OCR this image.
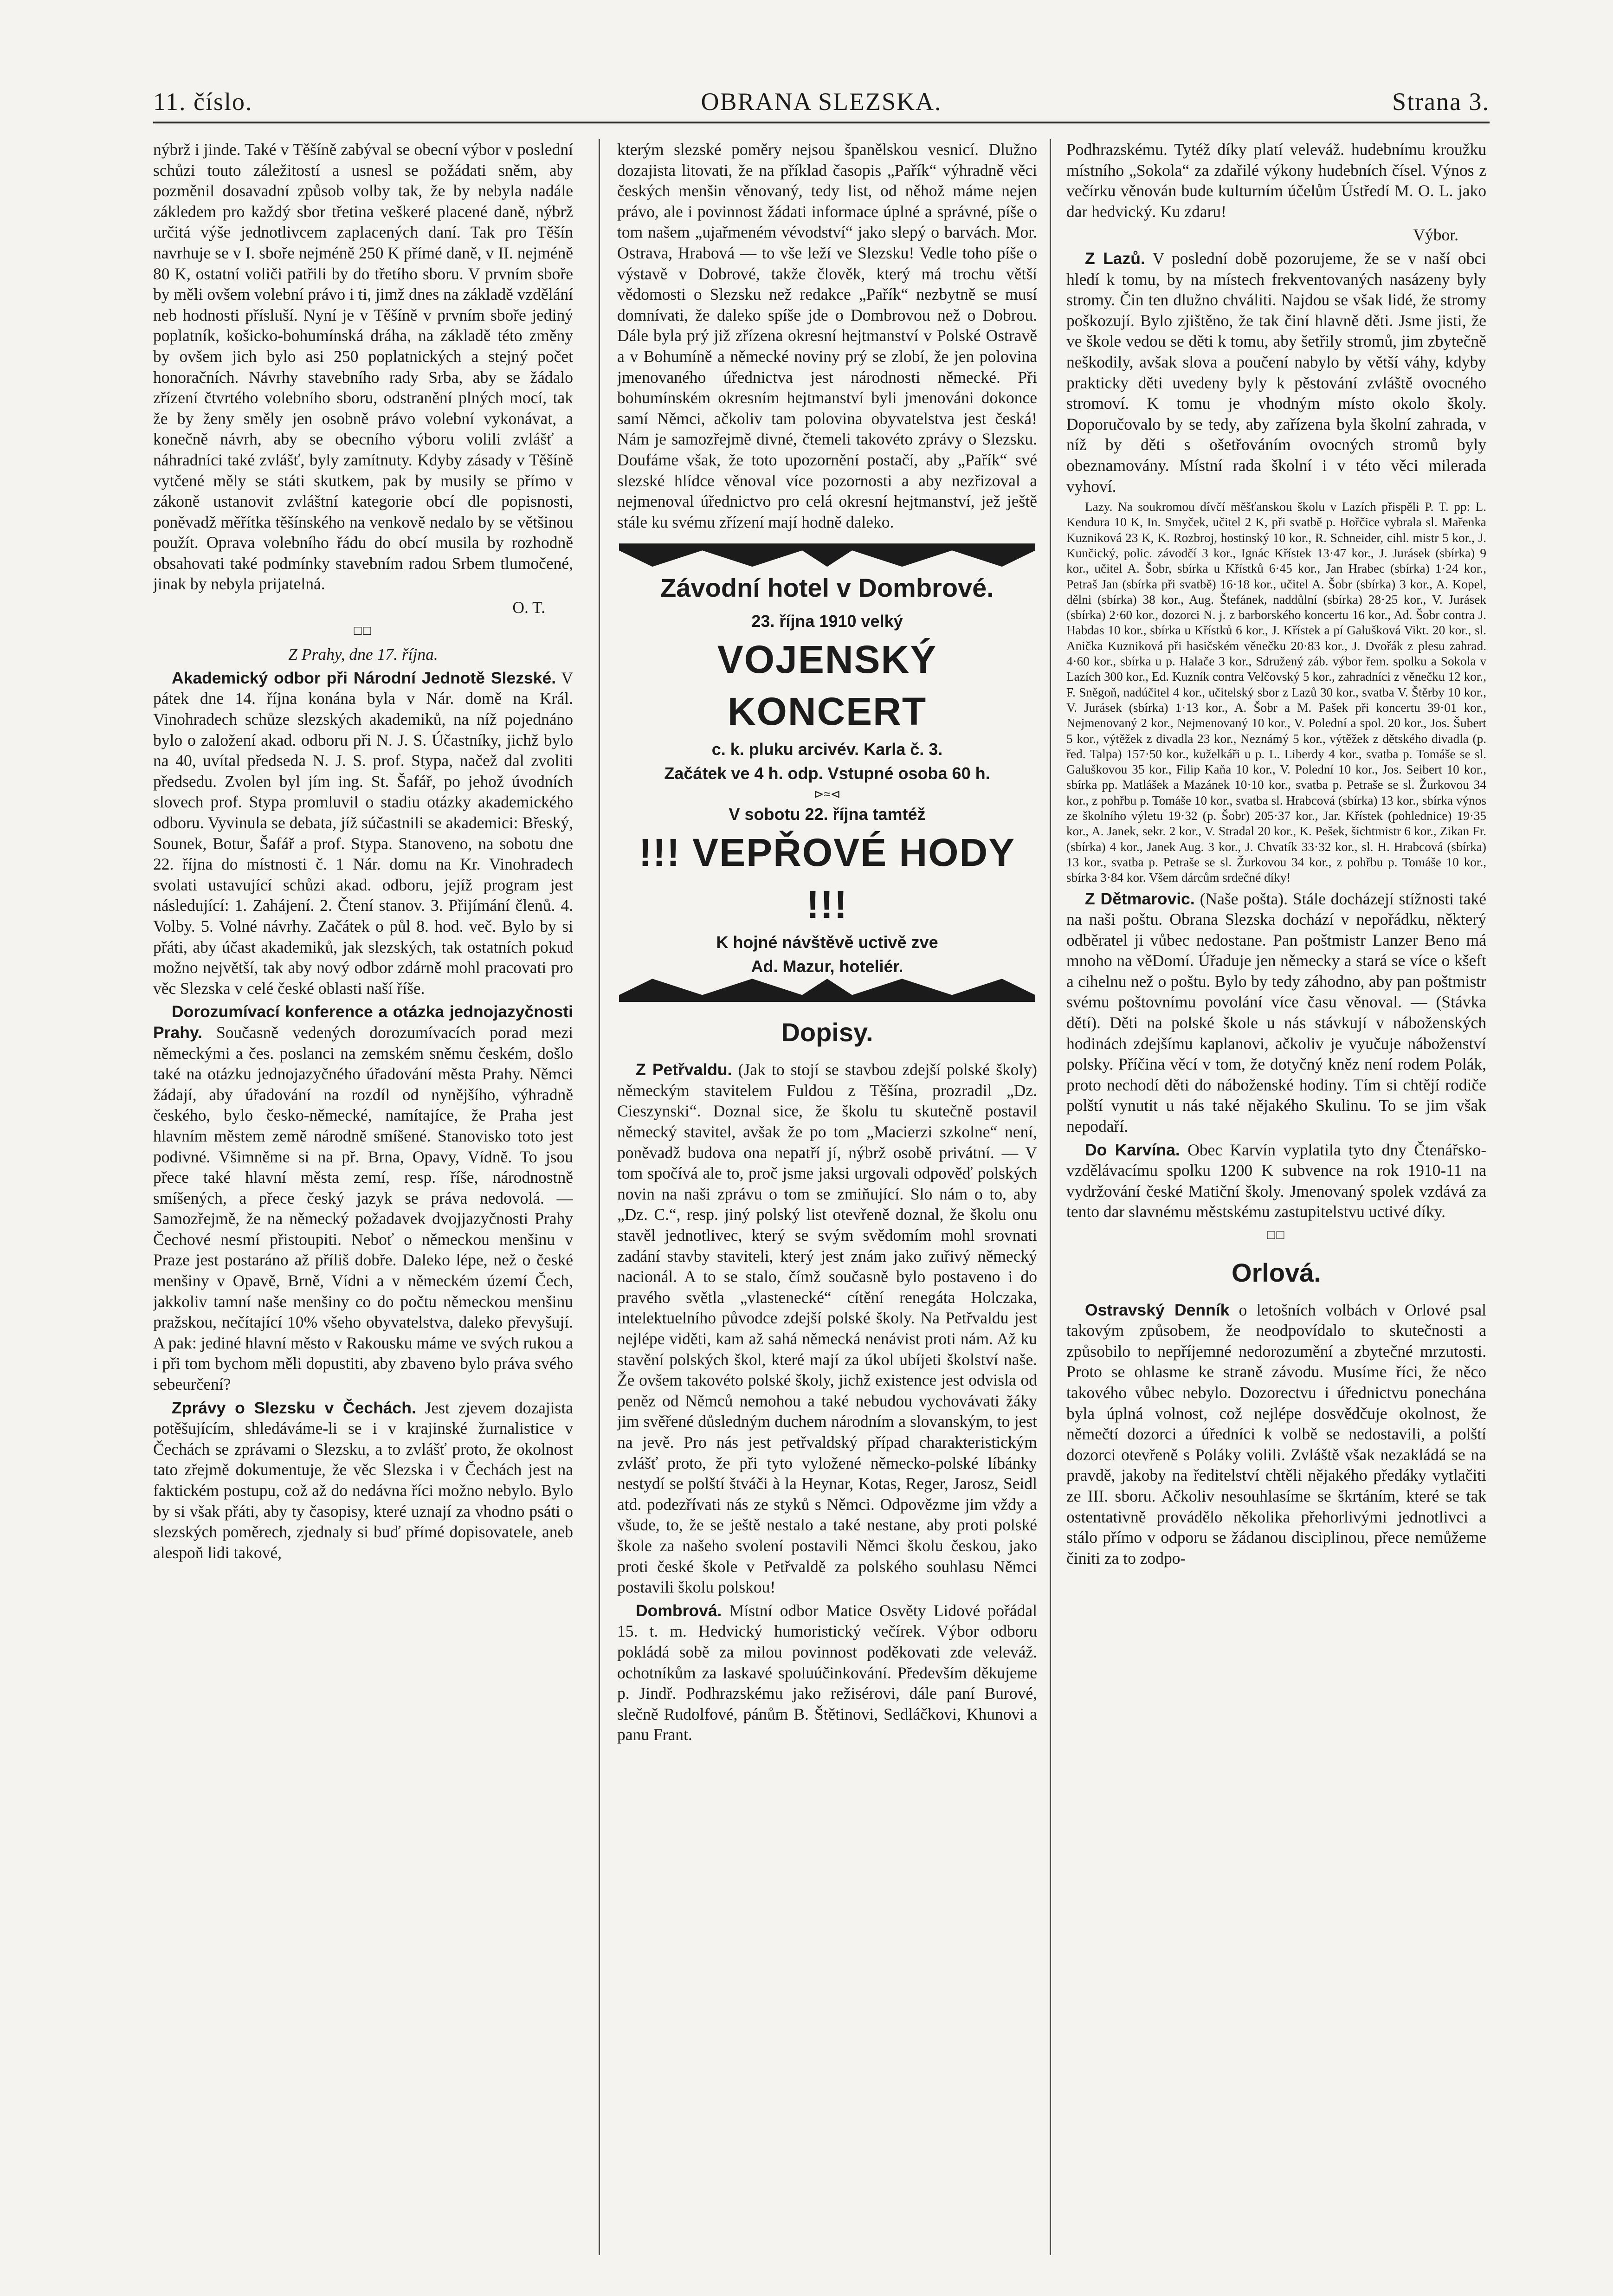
11. číslo.	OBRANA SLEZSKA.	Strana 3.

nýbrž i jinde. Také v Těšíně zabýval se obecní výbor v poslední schůzi touto záležitostí a usnesl se požádati sněm, aby pozměnil dosavadní způsob volby tak, že by nebyla nadále zákledem pro každý sbor třetina veškeré placené daně, nýbrž určitá výše jednotlivcem zaplacených daní. Tak pro Těšín navrhuje se v I. sboře nejméně 250 K přímé daně, v II. nejméně 80 K, ostatní voliči patřili by do třetího sboru. V prvním sboře by měli ovšem volební právo i ti, jimž dnes na základě vzdělání neb hodnosti přísluší. Nyní je v Těšíně v prvním sboře jediný poplatník, košicko-bohumínská dráha, na základě této změny by ovšem jich bylo asi 250 poplatnických a stejný počet honoračních. Návrhy stavebního rady Srba, aby se žádalo zřízení čtvrtého volebního sboru, odstranění plných mocí, tak že by ženy směly jen osobně právo volební vykonávat, a konečně návrh, aby se obecního výboru volili zvlášť a náhradníci také zvlášť, byly zamítnuty. Kdyby zásady v Těšíně vytčené měly se státi skutkem, pak by musily se přímo v zákoně ustanovit zvláštní kategorie obcí dle popisnosti, poněvadž měřítka těšínského na venkově nedalo by se většinou použít. Oprava volebního řádu do obcí musila by rozhodně obsahovati také podmínky stavebním radou Srbem tlumočené, jinak by nebyla prijatelná.

O. T.

□□

Z Prahy, dne 17. října.

Akademický odbor při Národní Jednotě Slezské. V pátek dne 14. října konána byla v Nár. domě na Král. Vinohradech schůze slezských akademiků, na níž pojednáno bylo o založení akad. odboru při N. J. S. Účastníky, jichž bylo na 40, uvítal předseda N. J. S. prof. Stypa, načež dal zvoliti předsedu. Zvolen byl jím ing. St. Šafář, po jehož úvodních slovech prof. Stypa promluvil o stadiu otázky akademického odboru. Vyvinula se debata, jíž súčastnili se akademici: Břeský, Sounek, Botur, Šafář a prof. Stypa. Stanoveno, na sobotu dne 22. října do místnosti č. 1 Nár. domu na Kr. Vinohradech svolati ustavující schůzi akad. odboru, jejíž program jest následující: 1. Zahájení. 2. Čtení stanov. 3. Přijímání členů. 4. Volby. 5. Volné návrhy. Začátek o půl 8. hod. več. Bylo by si přáti, aby účast akademiků, jak slezských, tak ostatních pokud možno největší, tak aby nový odbor zdárně mohl pracovati pro věc Slezska v celé české oblasti naší říše.

Dorozumívací konference a otázka jednojazyčnosti Prahy. Současně vedených dorozumívacích porad mezi německými a čes. poslanci na zemském sněmu českém, došlo také na otázku jednojazyčného úřadování města Prahy. Němci žádají, aby úřadování na rozdíl od nynějšího, výhradně českého, bylo česko-německé, namítajíce, že Praha jest hlavním městem země národně smíšené. Stanovisko toto jest podivné. Všimněme si na př. Brna, Opavy, Vídně. To jsou přece také hlavní města zemí, resp. říše, národnostně smíšených, a přece český jazyk se práva nedovolá. — Samozřejmě, že na německý požadavek dvojjazyčnosti Prahy Čechové nesmí přistoupiti. Neboť o německou menšinu v Praze jest postaráno až příliš dobře. Daleko lépe, než o české menšiny v Opavě, Brně, Vídni a v německém území Čech, jakkoliv tamní naše menšiny co do počtu německou menšinu pražskou, nečítající 10% všeho obyvatelstva, daleko převyšují. A pak: jediné hlavní město v Rakousku máme ve svých rukou a i při tom bychom měli dopustiti, aby zbaveno bylo práva svého sebeurčení?

Zprávy o Slezsku v Čechách. Jest zjevem dozajista potěšujícím, shledáváme-li se i v krajinské žurnalistice v Čechách se zprávami o Slezsku, a to zvlášť proto, že okolnost tato zřejmě dokumentuje, že věc Slezska i v Čechách jest na faktickém postupu, což až do nedávna říci možno nebylo. Bylo by si však přáti, aby ty časopisy, které uznají za vhodno psáti o slezských poměrech, zjednaly si buď přímé dopisovatele, aneb alespoň lidi takové,

kterým slezské poměry nejsou španělskou vesnicí. Dlužno dozajista litovati, že na příklad časopis „Pařík“ výhradně věci českých menšin věnovaný, tedy list, od něhož máme nejen právo, ale i povinnost žádati informace úplné a správné, píše o tom našem „ujařmeném vévodství“ jako slepý o barvách. Mor. Ostrava, Hrabová — to vše leží ve Slezsku! Vedle toho píše o výstavě v Dobrové, takže člověk, který má trochu větší vědomosti o Slezsku než redakce „Pařík“ nezbytně se musí domnívati, že daleko spíše jde o Dombrovou než o Dobrou. Dále byla prý již zřízena okresní hejtmanství v Polské Ostravě a v Bohumíně a německé noviny prý se zlobí, že jen polovina jmenovaného úřednictva jest národnosti německé. Při bohumínském okresním hejtmanství byli jmenováni dokonce samí Němci, ačkoliv tam polovina obyvatelstva jest česká! Nám je samozřejmě divné, čtemeli takovéto zprávy o Slezsku. Doufáme však, že toto upozornění postačí, aby „Pařík“ své slezské hlídce věnoval více pozornosti a aby nezřizoval a nejmenoval úřednictvo pro celá okresní hejtmanství, jež ještě stále ku svému zřízení mají hodně daleko.

Závodní hotel v Dombrové.
23. října 1910 velký
VOJENSKÝ KONCERT
c. k. pluku arcivév. Karla č. 3.
Začátek ve 4 h. odp. Vstupné osoba 60 h.
⊳≈⊲
V sobotu 22. října tamtéž
!!! VEPŘOVÉ HODY !!!
K hojné návštěvě uctivě zve
Ad. Mazur, hoteliér.

Dopisy.

Z Petřvaldu. (Jak to stojí se stavbou zdejší polské školy) německým stavitelem Fuldou z Těšína, prozradil „Dz. Cieszynski“. Doznal sice, že školu tu skutečně postavil německý stavitel, avšak že po tom „Macierzi szkolne“ není, poněvadž budova ona nepatří jí, nýbrž osobě privátní. — V tom spočívá ale to, proč jsme jaksi urgovali odpověď polských novin na naši zprávu o tom se zmiňující. Slo nám o to, aby „Dz. C.“, resp. jiný polský list otevřeně doznal, že školu onu stavěl jednotlivec, který se svým svědomím mohl srovnati zadání stavby staviteli, který jest znám jako zuřivý německý nacionál. A to se stalo, čímž současně bylo postaveno i do pravého světla „vlastenecké“ cítění renegáta Holczaka, intelektuelního původce zdejší polské školy. Na Petřvaldu jest nejlépe viděti, kam až sahá německá nenávist proti nám. Až ku stavění polských škol, které mají za úkol ubíjeti školství naše. Že ovšem takovéto polské školy, jichž existence jest odvisla od peněz od Němců nemohou a také nebudou vychovávati žáky jim svěřené důsledným duchem národním a slovanským, to jest na jevě. Pro nás jest petřvaldský případ charakteristickým zvlášť proto, že při tyto vyložené německo-polské líbánky nestydí se polští štváči à la Heynar, Kotas, Reger, Jarosz, Seidl atd. podezřívati nás ze styků s Němci. Odpovězme jim vždy a všude, to, že se ještě nestalo a také nestane, aby proti polské škole za našeho svolení postavili Němci školu českou, jako proti české škole v Petřvaldě za polského souhlasu Němci postavili školu polskou!

Dombrová. Místní odbor Matice Osvěty Lidové pořádal 15. t. m. Hedvický humoristický večírek. Výbor odboru pokládá sobě za milou povinnost poděkovati zde veleváž. ochotníkům za laskavé spoluúčinkování. Především děkujeme p. Jindř. Podhrazskému jako režisérovi, dále paní Burové, slečně Rudolfové, pánům B. Štětinovi, Sedláčkovi, Khunovi a panu Frant.

Podhrazskému. Tytéž díky platí veleváž. hudebnímu kroužku místního „Sokola“ za zdařilé výkony hudebních čísel. Výnos z večírku věnován bude kulturním účelům Ústředí M. O. L. jako dar hedvický. Ku zdaru!

Výbor.

Z Lazů. V poslední době pozorujeme, že se v naší obci hledí k tomu, by na místech frekventovaných nasázeny byly stromy. Čin ten dlužno chváliti. Najdou se však lidé, že stromy poškozují. Bylo zjištěno, že tak činí hlavně děti. Jsme jisti, že ve škole vedou se děti k tomu, aby šetřily stromů, jim zbytečně neškodily, avšak slova a poučení nabylo by větší váhy, kdyby prakticky děti uvedeny byly k pěstování zvláště ovocného stromoví. K tomu je vhodným místo okolo školy. Doporučovalo by se tedy, aby zařízena byla školní zahrada, v níž by děti s ošetřováním ovocných stromů byly obeznamovány. Místní rada školní i v této věci milerada vyhoví.

Lazy. Na soukromou dívčí měšťanskou školu v Lazích přispěli P. T. pp: L. Kendura 10 K, In. Smyček, učitel 2 K, při svatbě p. Hořčice vybrala sl. Mařenka Kuzniková 23 K, K. Rozbroj, hostinský 10 kor., R. Schneider, cihl. mistr 5 kor., J. Kunčický, polic. závodčí 3 kor., Ignác Křístek 13·47 kor., J. Jurásek (sbírka) 9 kor., učitel A. Šobr, sbírka u Křístků 6·45 kor., Jan Hrabec (sbírka) 1·24 kor., Petraš Jan (sbírka při svatbě) 16·18 kor., učitel A. Šobr (sbírka) 3 kor., A. Kopel, dělni (sbírka) 38 kor., Aug. Štefánek, naddůlní (sbírka) 28·25 kor., V. Jurásek (sbírka) 2·60 kor., dozorci N. j. z barborského koncertu 16 kor., Ad. Šobr contra J. Habdas 10 kor., sbírka u Křístků 6 kor., J. Křístek a pí Galušková Vikt. 20 kor., sl. Anička Kuzniková při hasičském věnečku 20·83 kor., J. Dvořák z plesu zahrad. 4·60 kor., sbírka u p. Halače 3 kor., Sdružený záb. výbor řem. spolku a Sokola v Lazích 300 kor., Ed. Kuzník contra Velčovský 5 kor., zahradníci z věnečku 12 kor., F. Sněgoň, nadúčitel 4 kor., učitelský sbor z Lazů 30 kor., svatba V. Štěrby 10 kor., V. Jurásek (sbírka) 1·13 kor., A. Šobr a M. Pašek při koncertu 39·01 kor., Nejmenovaný 2 kor., Nejmenovaný 10 kor., V. Polední a spol. 20 kor., Jos. Šubert 5 kor., výtěžek z divadla 23 kor., Neznámý 5 kor., výtěžek z dětského divadla (p. řed. Talpa) 157·50 kor., kuželkáři u p. L. Liberdy 4 kor., svatba p. Tomáše se sl. Galuškovou 35 kor., Filip Kaňa 10 kor., V. Polední 10 kor., Jos. Seibert 10 kor., sbírka pp. Matlášek a Mazánek 10·10 kor., svatba p. Petraše se sl. Žurkovou 34 kor., z pohřbu p. Tomáše 10 kor., svatba sl. Hrabcová (sbírka) 13 kor., sbírka výnos ze školního výletu 19·32 (p. Šobr) 205·37 kor., Jar. Křístek (pohlednice) 19·35 kor., A. Janek, sekr. 2 kor., V. Stradal 20 kor., K. Pešek, šichtmistr 6 kor., Zikan Fr. (sbírka) 4 kor., Janek Aug. 3 kor., J. Chvatík 33·32 kor., sl. H. Hrabcová (sbírka) 13 kor., svatba p. Petraše se sl. Žurkovou 34 kor., z pohřbu p. Tomáše 10 kor., sbírka 3·84 kor. Všem dárcům srdečné díky!

Z Dětmarovic. (Naše pošta). Stále docházejí stížnosti také na naši poštu. Obrana Slezska dochází v nepořádku, některý odběratel ji vůbec nedostane. Pan poštmistr Lanzer Beno má mnoho na věDomí. Úřaduje jen německy a stará se více o kšeft a cihelnu než o poštu. Bylo by tedy záhodno, aby pan poštmistr svému poštovnímu povolání více času věnoval. — (Stávka dětí). Děti na polské škole u nás stávkují v náboženských hodinách zdejšímu kaplanovi, ačkoliv je vyučuje náboženství polsky. Příčina věcí v tom, že dotyčný kněz není rodem Polák, proto nechodí děti do náboženské hodiny. Tím si chtějí rodiče polští vynutit u nás také nějakého Skulinu. To se jim však nepodaří.

Do Karvína. Obec Karvín vyplatila tyto dny Čtenářsko-vzdělávacímu spolku 1200 K subvence na rok 1910-11 na vydržování české Matiční školy. Jmenovaný spolek vzdává za tento dar slavnému městskému zastupitelstvu uctivé díky.

□□

Orlová.

Ostravský Denník o letošních volbách v Orlové psal takovým způsobem, že neodpovídalo to skutečnosti a způsobilo to nepříjemné nedorozumění a zbytečné mrzutosti. Proto se ohlasme ke straně závodu. Musíme říci, že něco takového vůbec nebylo. Dozorectvu i úřednictvu ponechána byla úplná volnost, což nejlépe dosvědčuje okolnost, že němečtí dozorci a úředníci k volbě se nedostavili, a polští dozorci otevřeně s Poláky volili. Zvláště však nezakládá se na pravdě, jakoby na ředitelství chtěli nějakého předáky vytlačiti ze III. sboru. Ačkoliv nesouhlasíme se škrtáním, které se tak ostentativně provádělo několika přehorlivými jednotlivci a stálo přímo v odporu se žádanou disciplinou, přece nemůžeme činiti za to zodpo-
